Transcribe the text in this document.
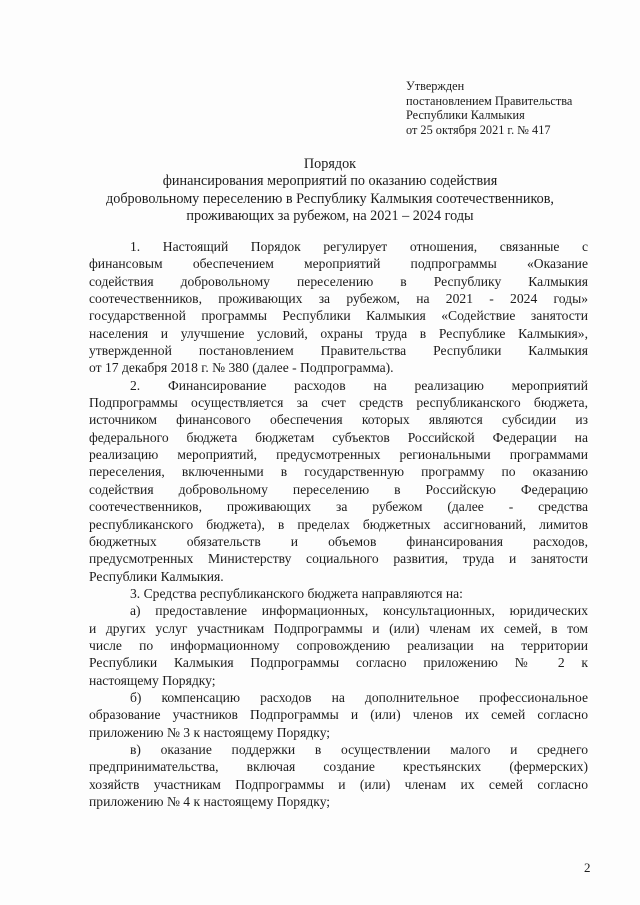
Утвержден
постановлением Правительства
Республики Калмыкия
от 25 октября 2021 г. № 417
Порядок
финансирования мероприятий по оказанию содействия
добровольному переселению в Республику Калмыкия соотечественников,
проживающих за рубежом, на 2021 – 2024 годы
1. Настоящий Порядок регулирует отношения, связанные с
финансовым обеспечением мероприятий подпрограммы «Оказание
содействия добровольному переселению в Республику Калмыкия
соотечественников, проживающих за рубежом, на 2021 - 2024 годы»
государственной программы Республики Калмыкия «Содействие занятости
населения и улучшение условий, охраны труда в Республике Калмыкия»,
утвержденной постановлением Правительства Республики Калмыкия
от 17 декабря 2018 г. № 380 (далее - Подпрограмма).
2. Финансирование расходов на реализацию мероприятий
Подпрограммы осуществляется за счет средств республиканского бюджета,
источником финансового обеспечения которых являются субсидии из
федерального бюджета бюджетам субъектов Российской Федерации на
реализацию мероприятий, предусмотренных региональными программами
переселения, включенными в государственную программу по оказанию
содействия добровольному переселению в Российскую Федерацию
соотечественников, проживающих за рубежом (далее - средства
республиканского бюджета), в пределах бюджетных ассигнований, лимитов
бюджетных обязательств и объемов финансирования расходов,
предусмотренных Министерству социального развития, труда и занятости
Республики Калмыкия.
3. Средства республиканского бюджета направляются на:
а) предоставление информационных, консультационных, юридических
и других услуг участникам Подпрограммы и (или) членам их семей, в том
числе по информационному сопровождению реализации на территории
Республики Калмыкия Подпрограммы согласно приложению № 2 к
настоящему Порядку;
б) компенсацию расходов на дополнительное профессиональное
образование участников Подпрограммы и (или) членов их семей согласно
приложению № 3 к настоящему Порядку;
в) оказание поддержки в осуществлении малого и среднего
предпринимательства, включая создание крестьянских (фермерских)
хозяйств участникам Подпрограммы и (или) членам их семей согласно
приложению № 4 к настоящему Порядку;
2
